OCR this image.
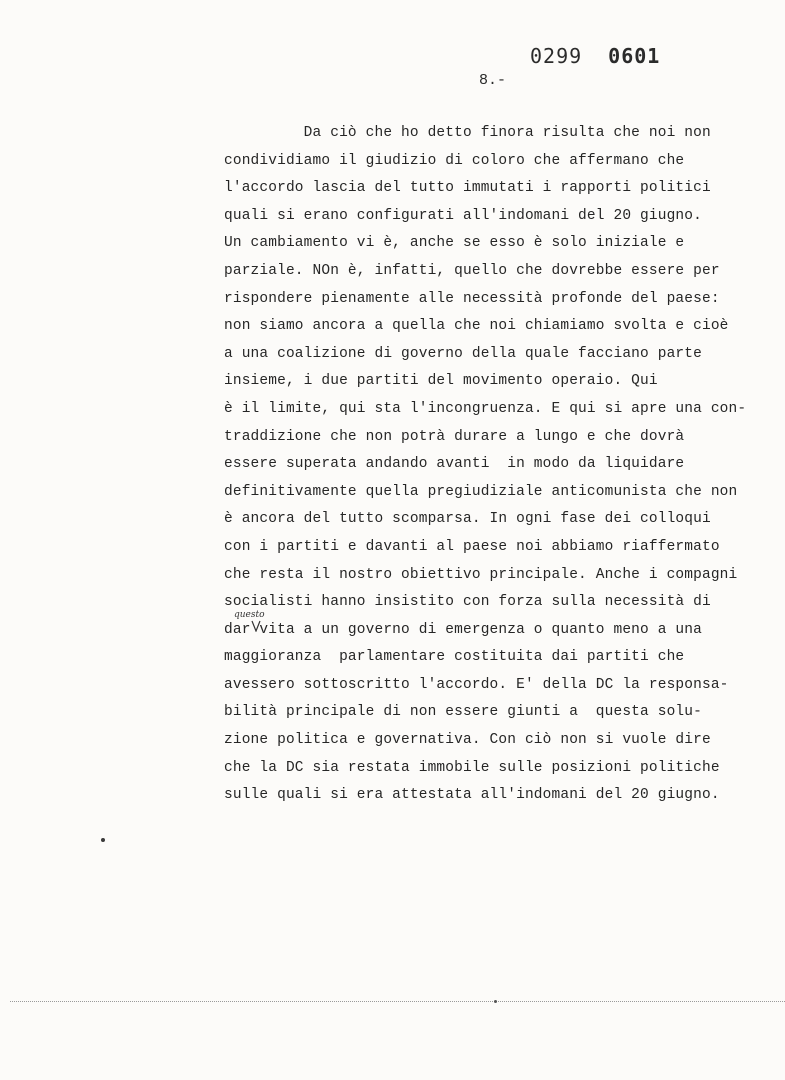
0299 0601
8.-
Da ciò che ho detto finora risulta che noi non
condividiamo il giudizio di coloro che affermano che
l'accordo lascia del tutto immutati i rapporti politici
quali si erano configurati all'indomani del 20 giugno.
Un cambiamento vi è, anche se esso è solo iniziale e
parziale. NOn è, infatti, quello che dovrebbe essere per
rispondere pienamente alle necessità profonde del paese:
non siamo ancora a quella che noi chiamiamo svolta e cioè
a una coalizione di governo della quale facciano parte
insieme, i due partiti del movimento operaio. Qui
è il limite, qui sta l'incongruenza. E qui si apre una con-
traddizione che non potrà durare a lungo e che dovrà
essere superata andando avanti  in modo da liquidare
definitivamente quella pregiudiziale anticomunista che non
è ancora del tutto scomparsa. In ogni fase dei colloqui
con i partiti e davanti al paese noi abbiamo riaffermato
che resta il nostro obiettivo principale. Anche i compagni
socialisti hanno insistito con forza sulla necessità di
dar vita a un governo di emergenza o quanto meno a una
maggioranza  parlamentare costituita dai partiti che
avessero sottoscritto l'accordo. E' della DC la responsa-
bilità principale di non essere giunti a  questa solu-
zione politica e governativa. Con ciò non si vuole dire
che la DC sia restata immobile sulle posizioni politiche
sulle quali si era attestata all'indomani del 20 giugno.
questo
